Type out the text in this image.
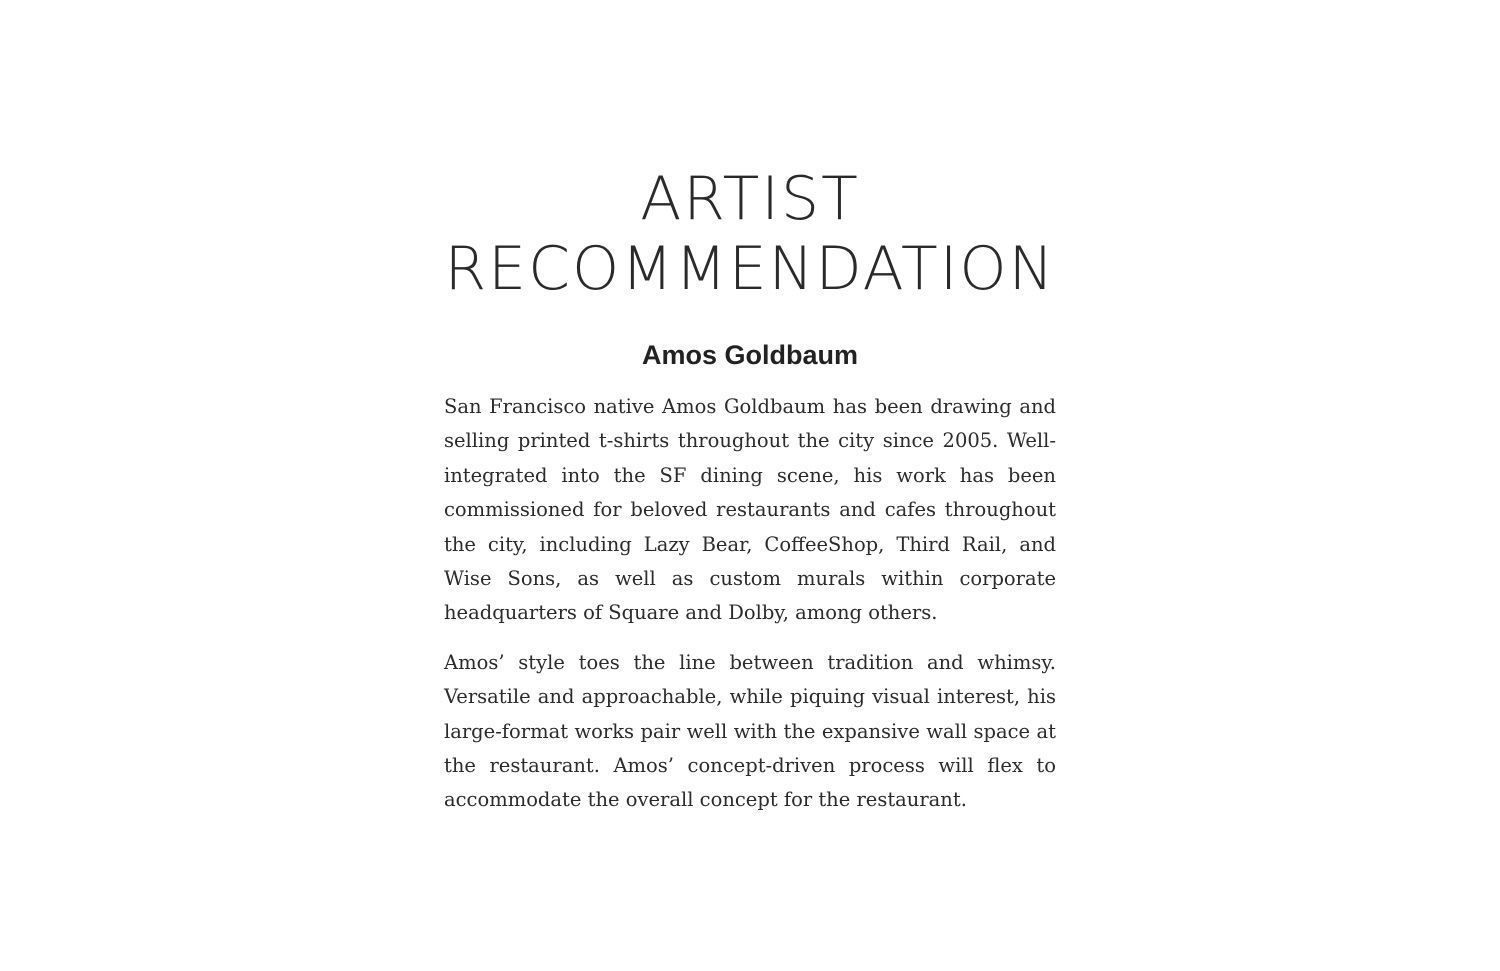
ARTIST
RECOMMENDATION
Amos Goldbaum

San Francisco native Amos Goldbaum has been drawing and selling printed t-shirts throughout the city since 2005. Well-integrated into the SF dining scene, his work has been commissioned for beloved restaurants and cafes throughout the city, including Lazy Bear, CoffeeShop, Third Rail, and Wise Sons, as well as custom murals within corporate headquarters of Square and Dolby, among others.

Amos’ style toes the line between tradition and whimsy. Versatile and approachable, while piquing visual interest, his large-format works pair well with the expansive wall space at the restaurant. Amos’ concept-driven process will flex to accommodate the overall concept for the restaurant.
